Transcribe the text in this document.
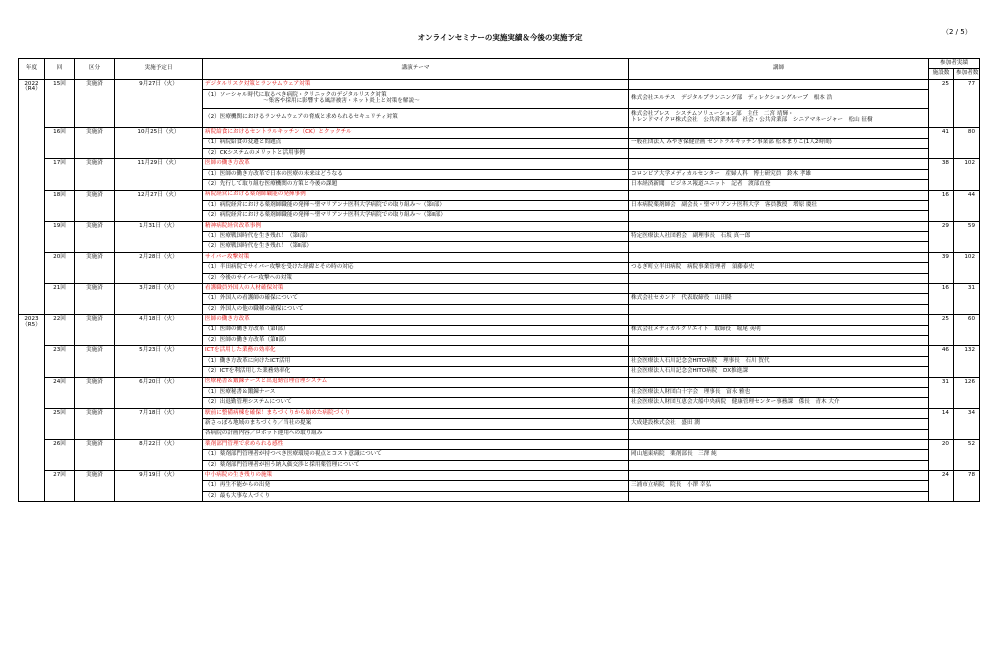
オンラインセミナーの実施実績＆今後の実施予定
（2 / 5）
年度	回	区分	実施予定日	講演テーマ	講師	参加者実績	
						施設数	参加者数

2022
（R4）	15回	実施済	9月27日（火）	デジタルリスク対策とランサムウェア対策		25	77
				（1）ソーシャル時代に取るべき病院・クリニックのデジタルリスク対策
～集客や採用に影響する風評被害・ネット炎上と対策を解説～	株式会社エルテス　デジタルプランニング部　ディレクショングループ　根本 浩		
				（2）医療機関におけるランサムウェアの脅威と求められるセキュリティ対策	株式会社ブレス　システムソリューション部　主任　二宮 靖輝・
トレンドマイクロ株式会社　公共営業本部　社会・公共営業部　シニアマネージャー　松山 征樹		
	16回	実施済	10月25日（火）	病院給食におけるセントラルキッチン（CK）とクックチル		41	80
				（1）病院給食の変遷と問題点	一般社団法人 みやぎ保健企画 セントラルキッチン事業部 松本まりこ(1人2時間)		
				（2）CKシステムのメリットと活用事例			
	17回	実施済	11月29日（火）	医師の働き方改革		38	102
				（1）医師の働き方改革で日本の医療の未来はどうなる	コロンビア大学メディカルセンター　産婦人科　博士研究員　鈴木 孝雄		
				（2）先行して取り組む医療機関の方策と今後の課題	日本経済新聞　ビジネス報道ユニット　記者　渡部直登		
	18回	実施済	12月27日（火）	病院経営における薬剤師職能の発揮事例		16	44
				（1）病院経営における薬剤師職能の発揮～聖マリアンナ医科大学病院での取り組み～（第Ⅰ部）	日本病院薬剤師会　副会長・聖マリアンナ医科大学　客員教授　増原 慶壮		
				（2）病院経営における薬剤師職能の発揮～聖マリアンナ医科大学病院での取り組み～（第Ⅱ部）			
	19回	実施済	1月31日（火）	精神病院経営改革事例		29	59
				（1）医療戦国時代を生き残れ！（第Ⅰ部）	特定医療法人社団碧会　副理事長　石坂 真一郎		
				（2）医療戦国時代を生き残れ！（第Ⅱ部）			
	20回	実施済	2月28日（火）	サイバー攻撃対策		39	102
				（1）半田病院でサイバー攻撃を受けた経緯とその時の対応	つるぎ町立半田病院　病院事業管理者　須藤泰史		
				（2）今後のサイバー攻撃への対策			
	21回	実施済	3月28日（火）	看護職員外国人の人材確保対策		16	31
				（1）外国人の看護師の確保について	株式会社セカンド　代表取締役　山田隆		
				（2）外国人の他の職種の確保について			

2023
（R5）	22回	実施済	4月18日（火）	医師の働き方改革		25	60
				（1）医師の働き方改革（第Ⅰ部）	株式会社メディカルクリエイト　取締役　堀尾 英明		
				（2）医師の働き方改革（第Ⅱ部）			
	23回	実施済	5月23日（火）	ICTを活用した業務の効率化		46	132
				（1）働き方改革に向けたICT活用	社会医療法人石川記念会HITO病院　理事長　石川 賀代		
				（2）ICTを利活用した業務効率化	社会医療法人石川記念会HITO病院　DX推進課		
	24回	実施済	6月20日（火）	医療秘書＆鍛錬ナースと出退勤管理管理システム		31	126
				（1）医療秘書＆鍛錬ナース	社会医療法人財団白十字会　理事長　富永 雅也		
				（2）出退勤管理システムについて	社会医療法人財団互恵会大船中央病院　健康管理センター事務課　係長　青木 大介		
	25回	実施済	7月18日（火）	駅前に整備病棟を確保！まちづくりから始めた病院づくり		14	34
				新さっぽろ地域のまちづくり／当社の提案	大成建設株式会社　盛田 潤		
				各病院の計画内容／ロボット運用への取り組み			
	26回	実施済	8月22日（火）	薬剤部門管理で求められる感性		20	52
				（1）薬剤部門管理者が持つべき医療環境の視点とコスト意識について	岡山旭東病院　薬剤部長　三澤 純		
				（2）薬剤部門管理者が担う納入価交渉と採用薬管理について			
	27回	実施済	9月19日（火）	中小病院の生き残りの施策		24	78
				（1）再生不能からの出発	三浦市立病院　院長　小澤 幸弘		
				（2）最も大事な人づくり			
